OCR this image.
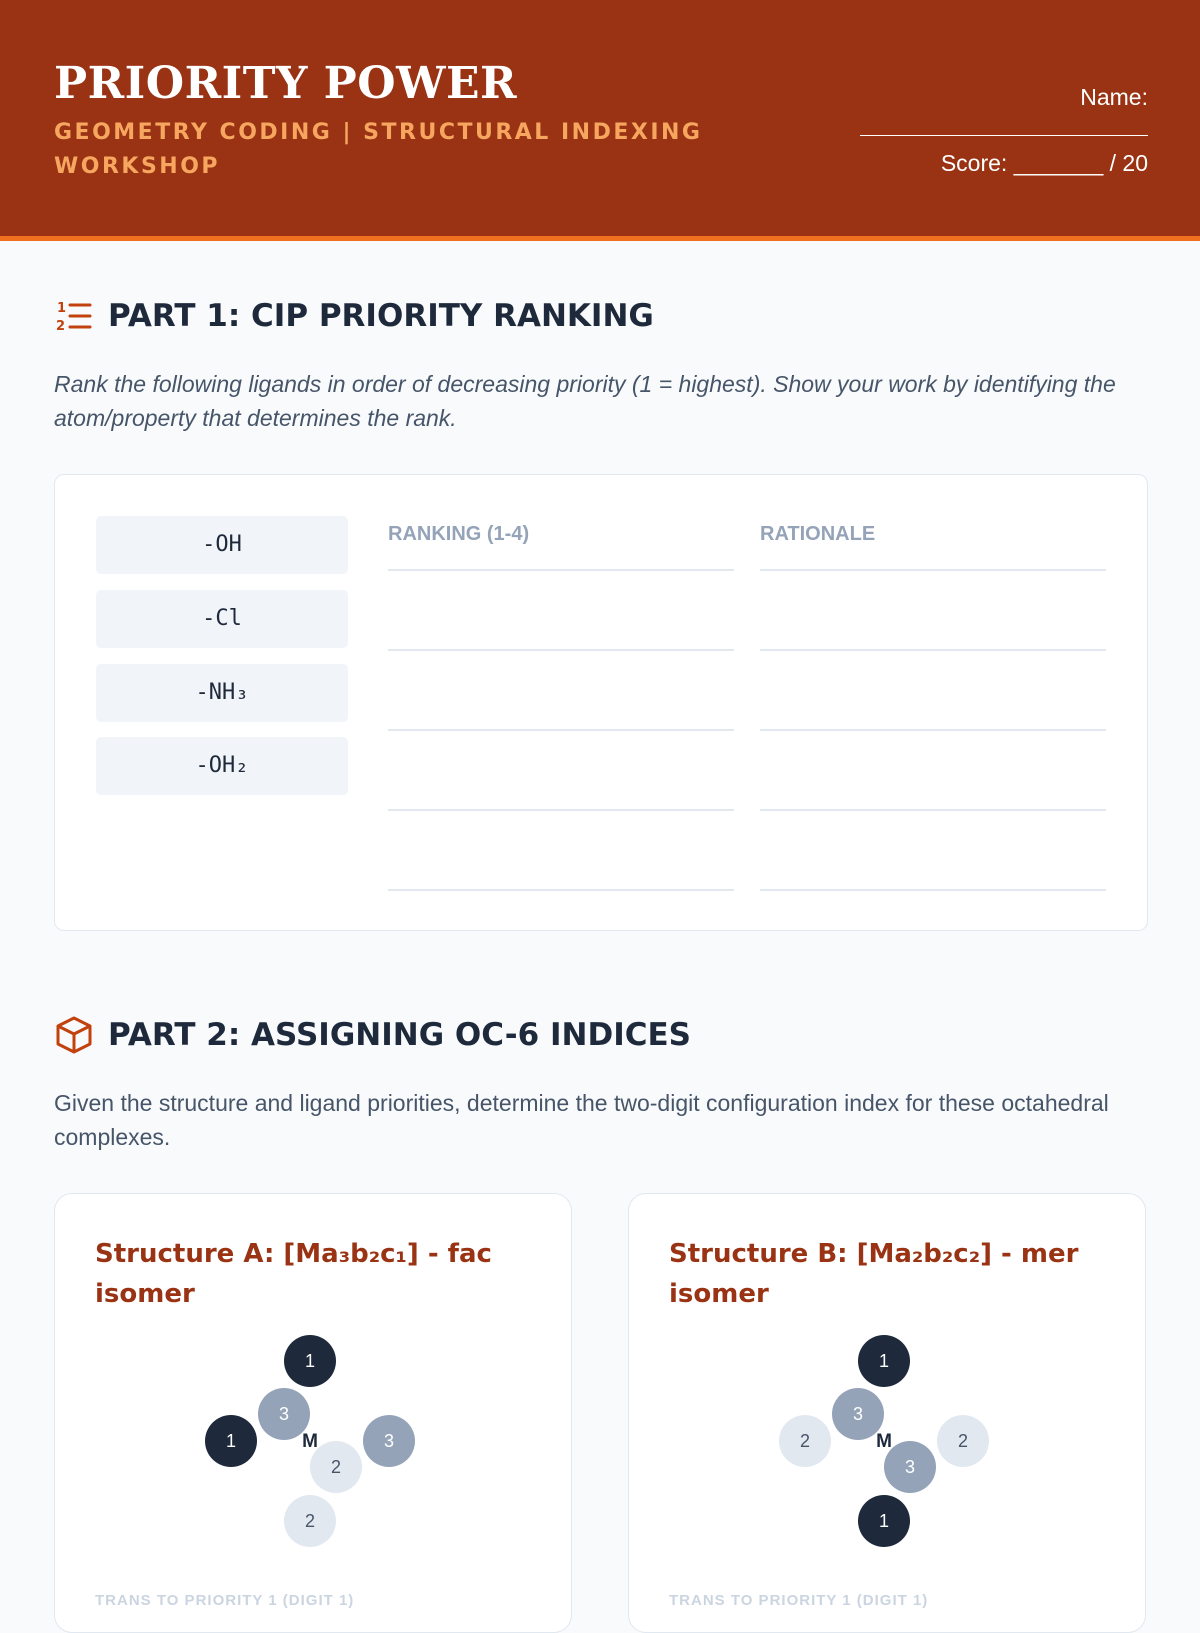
PRIORITY POWER
GEOMETRY CODING | STRUCTURAL INDEXING WORKSHOP
Name:
Score: _______ / 20
1
2 PART 1: CIP PRIORITY RANKING
Rank the following ligands in order of decreasing priority (1 = highest). Show your work by identifying the atom/property that determines the rank.
-OH
-Cl
-NH₃
-OH₂
RANKING (1-4)	RATIONALE
PART 2: ASSIGNING OC-6 INDICES
Given the structure and ligand priorities, determine the two-digit configuration index for these octahedral complexes.
Structure A: [Ma₃b₂c₁] - fac isomer
1
3
1	3
M
2
2
TRANS TO PRIORITY 1 (DIGIT 1)
Structure B: [Ma₂b₂c₂] - mer isomer
1
3
2	2
M
3
1
TRANS TO PRIORITY 1 (DIGIT 1)
